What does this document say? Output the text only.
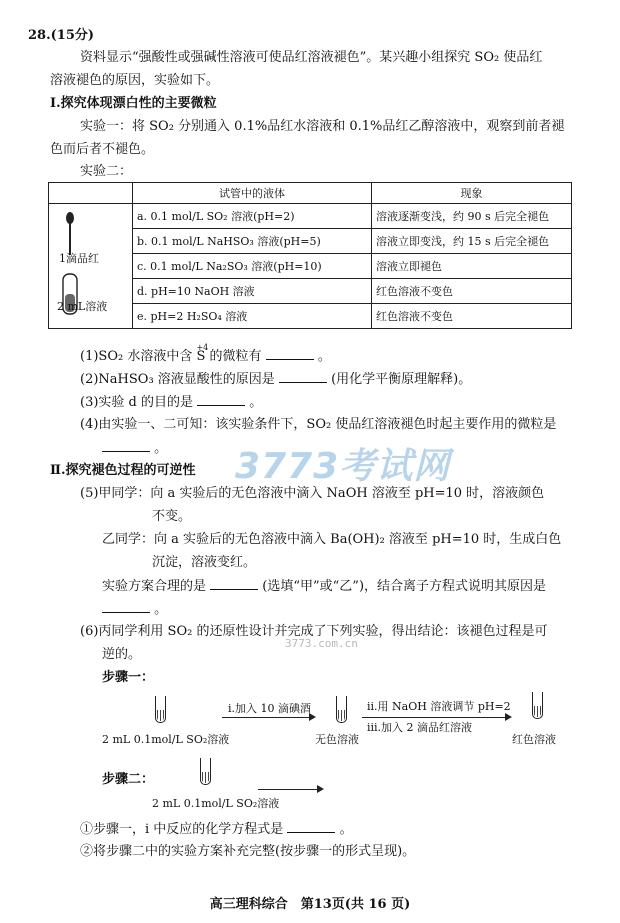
28.(15分)
资料显示“强酸性或强碱性溶液可使品红溶液褪色”。某兴趣小组探究 SO₂ 使品红
溶液褪色的原因，实验如下。
Ⅰ.探究体现漂白性的主要微粒
实验一：将 SO₂ 分别通入 0.1%品红水溶液和 0.1%品红乙醇溶液中，观察到前者褪
色而后者不褪色。
实验二：
	试管中的液体	现象

1滴品红
2 mL溶液	a. 0.1 mol/L SO₂ 溶液(pH=2)	溶液逐渐变浅，约 90 s 后完全褪色
	b. 0.1 mol/L NaHSO₃ 溶液(pH=5)	溶液立即变浅，约 15 s 后完全褪色
	c. 0.1 mol/L Na₂SO₃ 溶液(pH=10)	溶液立即褪色
	d. pH=10 NaOH 溶液	红色溶液不变色
	e. pH=2 H₂SO₄ 溶液	红色溶液不变色
(1)SO₂ 水溶液中含
+4
S 的微粒有	。
(2)NaHSO₃ 溶液显酸性的原因是	(用化学平衡原理解释)。
(3)实验 d 的目的是	。
(4)由实验一、二可知：该实验条件下，SO₂ 使品红溶液褪色时起主要作用的微粒是
。 3773考试网
Ⅱ.探究褪色过程的可逆性
(5)甲同学：向 a 实验后的无色溶液中滴入 NaOH 溶液至 pH=10 时，溶液颜色
不变。
乙同学：向 a 实验后的无色溶液中滴入 Ba(OH)₂ 溶液至 pH=10 时，生成白色
沉淀，溶液变红。
实验方案合理的是	(选填“甲”或“乙”)，结合离子方程式说明其原因是
。
(6)丙同学利用 SO₂ 的还原性设计并完成了下列实验，得出结论：该褪色过程是可
逆的。
3773.com.cn
步骤一：
2 mL 0.1mol/L SO₂溶液
ⅰ.加入 10 滴碘酒
无色溶液
ⅱ.用 NaOH 溶液调节 pH=2
ⅲ.加入 2 滴品红溶液
红色溶液
步骤二：
2 mL 0.1mol/L SO₂溶液
①步骤一，ⅰ 中反应的化学方程式是	。
②将步骤二中的实验方案补充完整(按步骤一的形式呈现)。
高三理科综合　第13页(共 16 页)
